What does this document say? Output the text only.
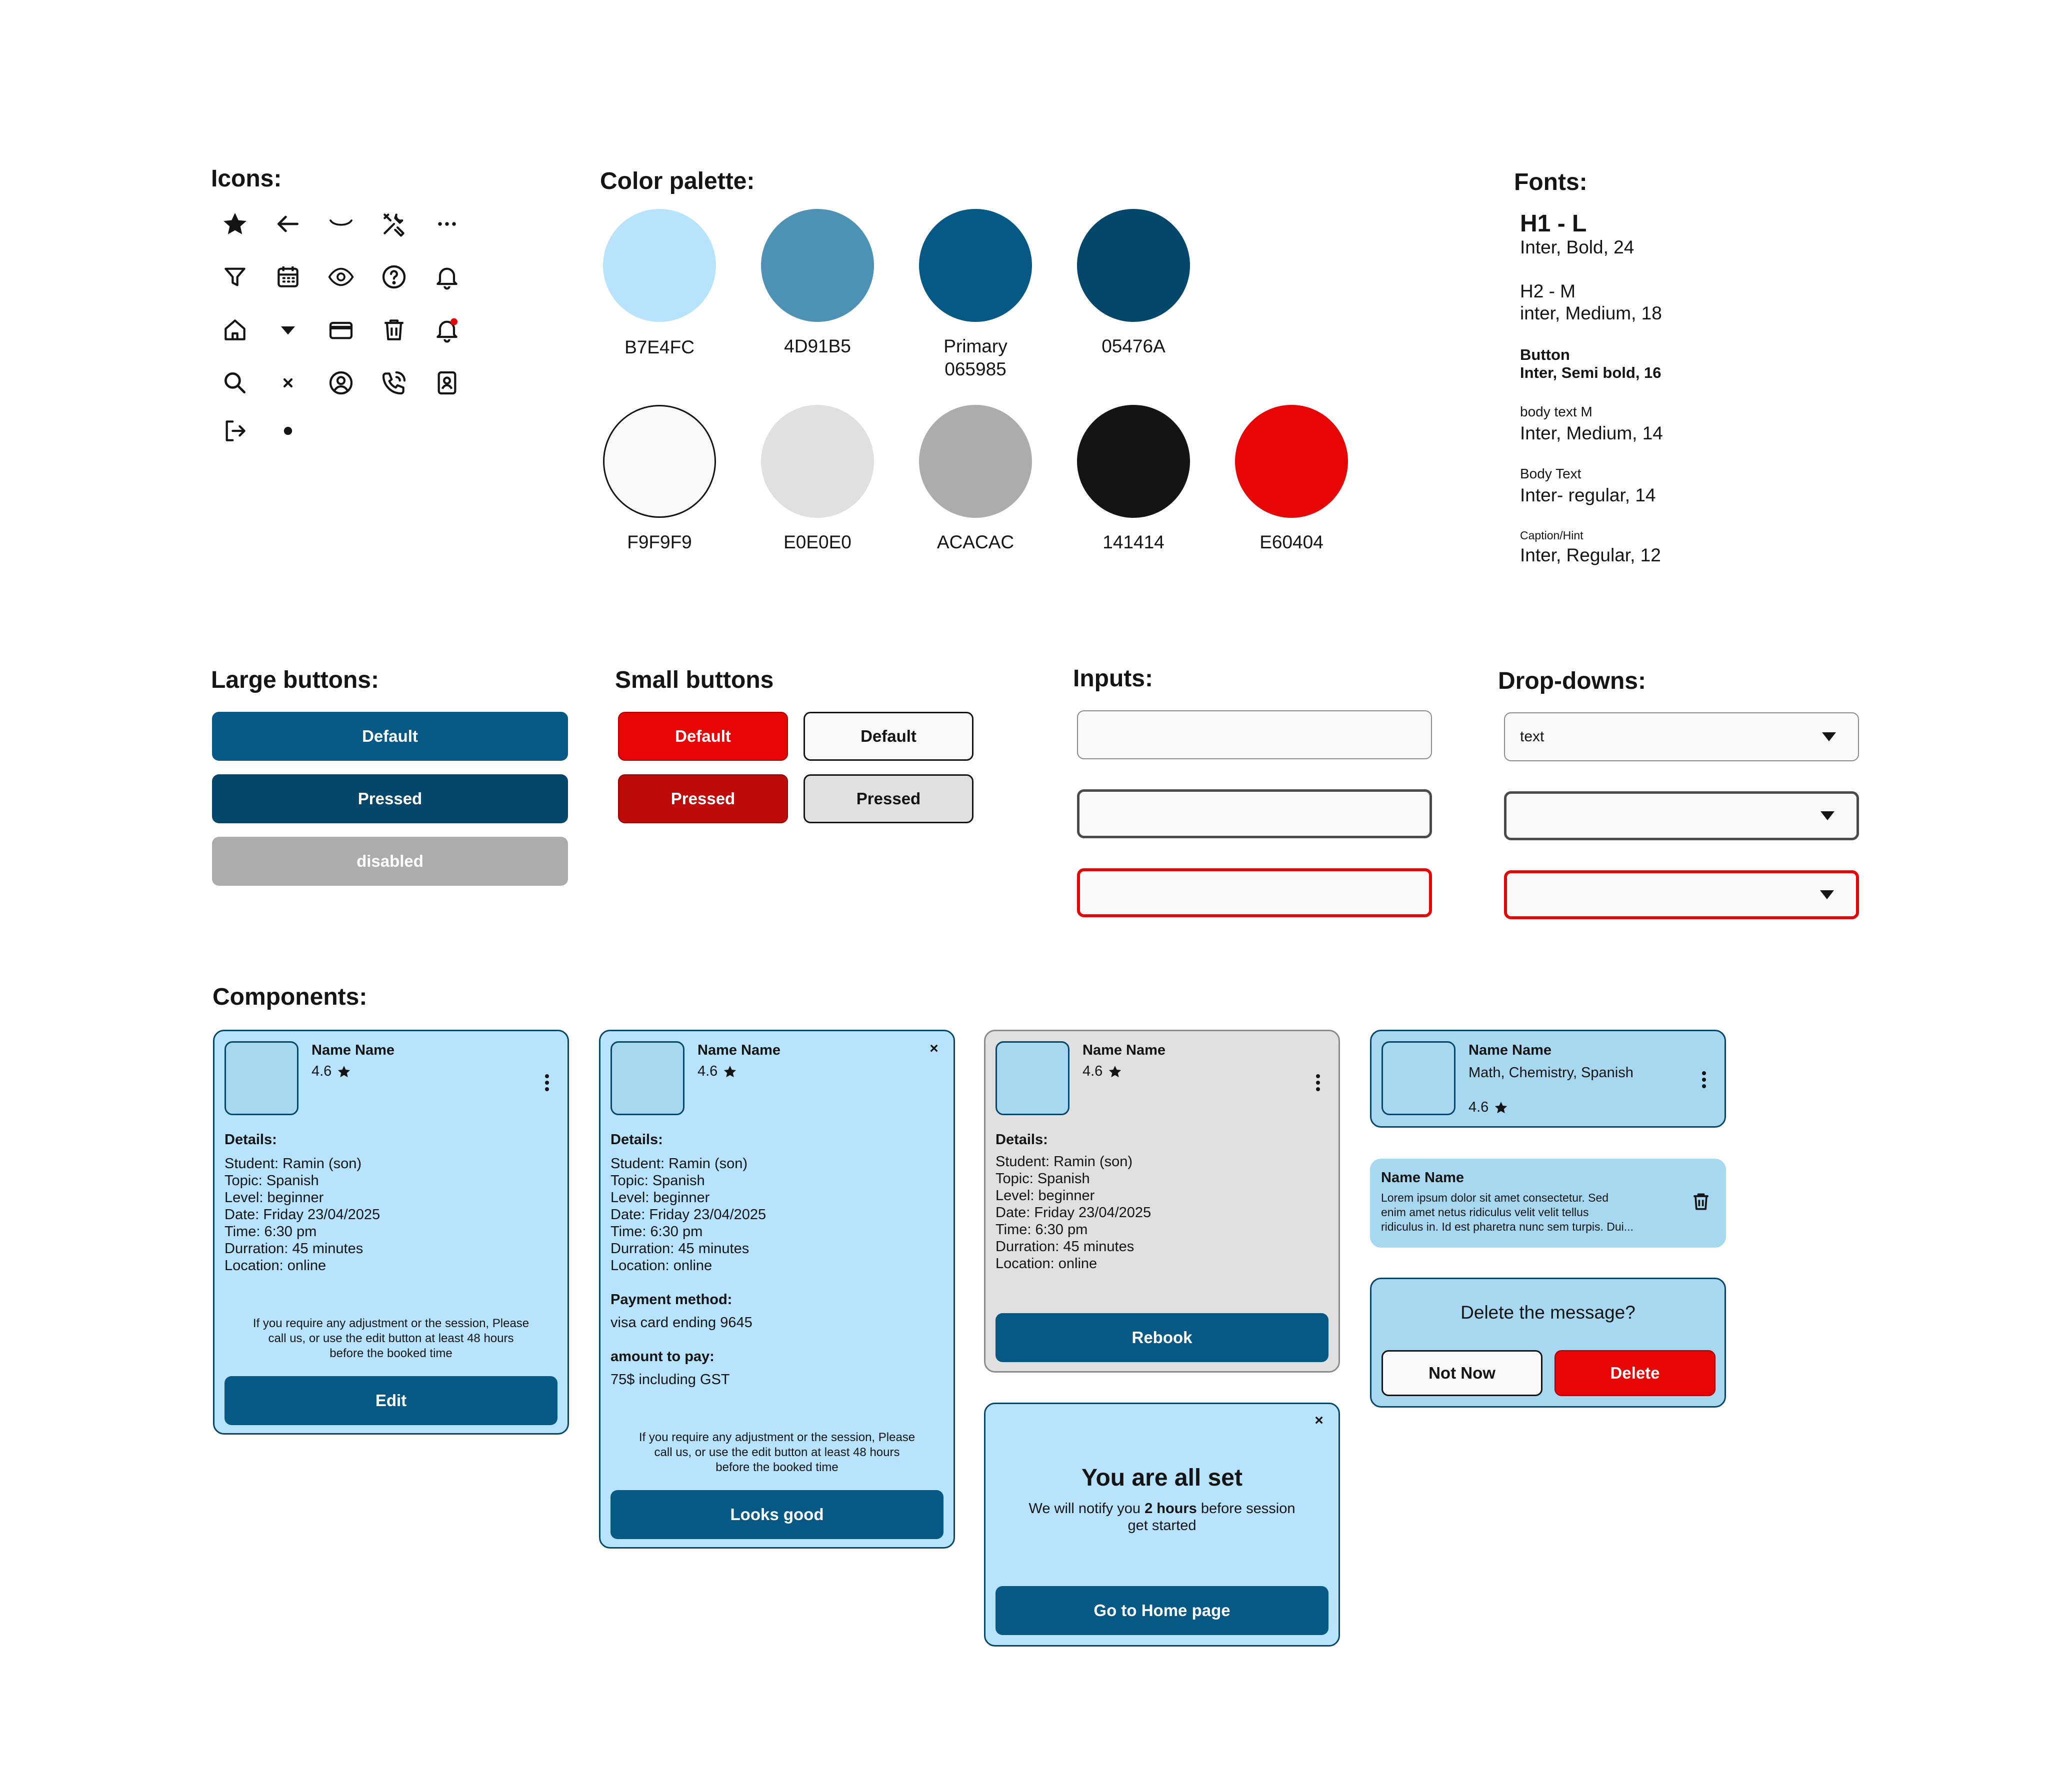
Icons:	Color palette:	Fonts:
Large buttons:	Small buttons	Inputs:	Drop-downs:
Components:
B7E4FC	4D91B5	Primary
065985
05476A
F9F9F9	E0E0E0	ACACAC	141414	E60404
H1 - L
Inter, Bold, 24
H2 - M
inter, Medium, 18
Button
Inter, Semi bold, 16
body text M
Inter, Medium, 14
Body Text
Inter- regular, 14
Caption/Hint
Inter, Regular, 12
Default
Pressed
disabled
Default
Pressed
Default
Pressed
text
Name Name
4.6
Details:
Student: Ramin (son)
Topic: Spanish
Level: beginner
Date: Friday 23/04/2025
Time: 6:30 pm
Durration: 45 minutes
Location: online
If you require any adjustment or the session, Please
call us, or use the edit button at least 48 hours
before the booked time
Edit
Name Name
4.6
×
Details:
Student: Ramin (son)
Topic: Spanish
Level: beginner
Date: Friday 23/04/2025
Time: 6:30 pm
Durration: 45 minutes
Location: online
Payment method:
visa card ending 9645
amount to pay:
75$ including GST
If you require any adjustment or the session, Please
call us, or use the edit button at least 48 hours
before the booked time
Looks good
Name Name
4.6
Details:
Student: Ramin (son)
Topic: Spanish
Level: beginner
Date: Friday 23/04/2025
Time: 6:30 pm
Durration: 45 minutes
Location: online
Rebook
×
You are all set
We will notify you 2 hours before session
get started
Go to Home page
Name Name
Math, Chemistry, Spanish
4.6
Name Name
Lorem ipsum dolor sit amet consectetur. Sed
enim amet netus ridiculus velit velit tellus
ridiculus in. Id est pharetra nunc sem turpis. Dui...
Delete the message?
Not Now	Delete
